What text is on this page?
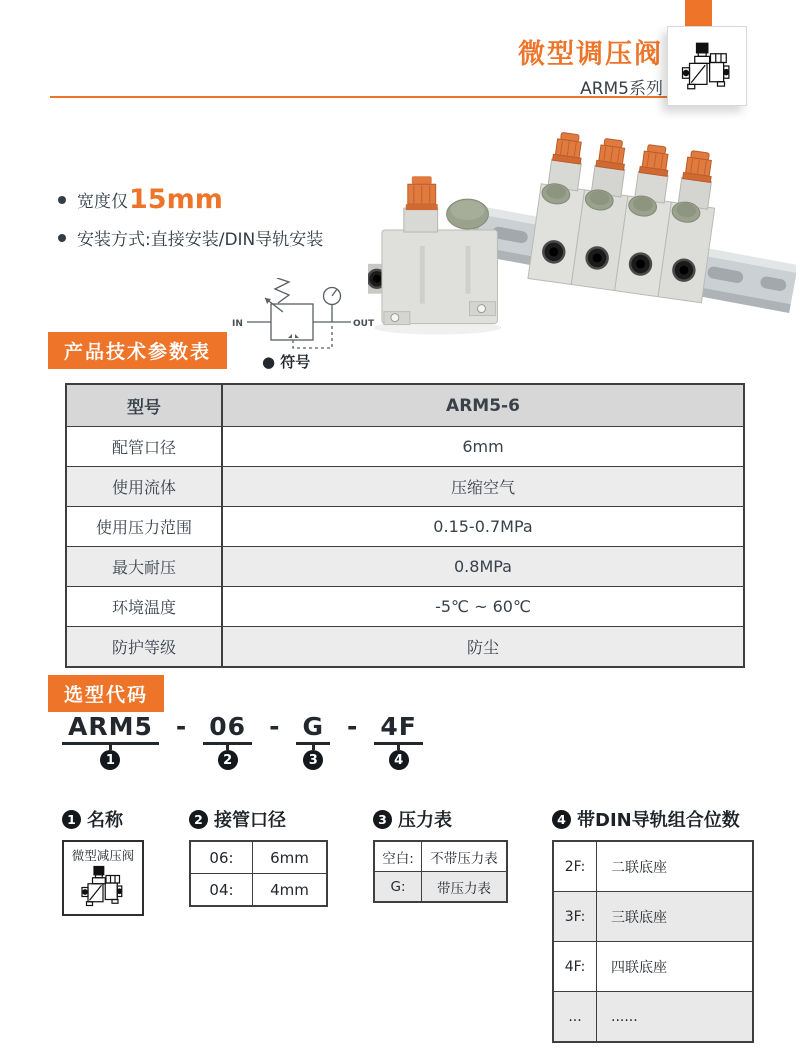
微型调压阀
ARM5系列
宽度仅 15mm
安装方式:直接安装/DIN导轨安装
IN	OUT
● 符号
产品技术参数表
型号	ARM5-6
配管口径	6mm
使用流体	压缩空气
使用压力范围	0.15-0.7MPa
最大耐压	0.8MPa
环境温度	-5℃ ~ 60℃
防护等级	防尘
选型代码
ARM5
1
- 06
2
- G
3
- 4F
4
1 名称
微型减压阀
2 接管口径
06:	6mm
04:	4mm
3 压力表
空白:	不带压力表
G:	带压力表
4 带DIN导轨组合位数
2F:	二联底座
3F:	三联底座
4F:	四联底座
...	......
